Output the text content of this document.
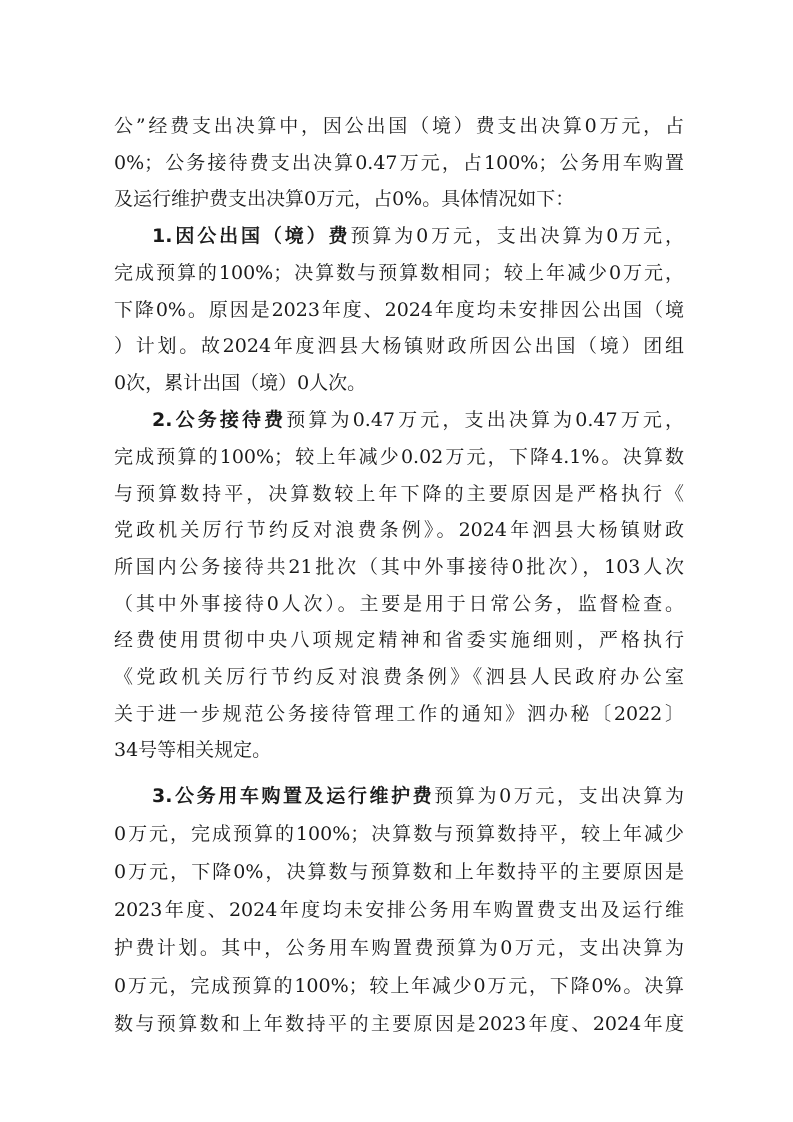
公”经费支出决算中，因公出国（境）费支出决算0万元，占
0%；公务接待费支出决算0.47万元，占100%；公务用车购置
及运行维护费支出决算0万元，占0%。具体情况如下：
1.因公出国（境）费预算为0万元，支出决算为0万元，
完成预算的100%；决算数与预算数相同；较上年减少0万元，
下降0%。原因是2023年度、2024年度均未安排因公出国（境
）计划。故2024年度泗县大杨镇财政所因公出国（境）团组
0次，累计出国（境）0人次。
2.公务接待费预算为0.47万元，支出决算为0.47万元，
完成预算的100%；较上年减少0.02万元，下降4.1%。决算数
与预算数持平，决算数较上年下降的主要原因是严格执行《
党政机关厉行节约反对浪费条例》。2024年泗县大杨镇财政
所国内公务接待共21批次（其中外事接待0批次），103人次
（其中外事接待0人次）。主要是用于日常公务，监督检查。
经费使用贯彻中央八项规定精神和省委实施细则，严格执行
《党政机关厉行节约反对浪费条例》《泗县人民政府办公室
关于进一步规范公务接待管理工作的通知》泗办秘〔2022〕
34号等相关规定。
3.公务用车购置及运行维护费预算为0万元，支出决算为
0万元，完成预算的100%；决算数与预算数持平，较上年减少
0万元，下降0%，决算数与预算数和上年数持平的主要原因是
2023年度、2024年度均未安排公务用车购置费支出及运行维
护费计划。其中，公务用车购置费预算为0万元，支出决算为
0万元，完成预算的100%；较上年减少0万元，下降0%。决算
数与预算数和上年数持平的主要原因是2023年度、2024年度
